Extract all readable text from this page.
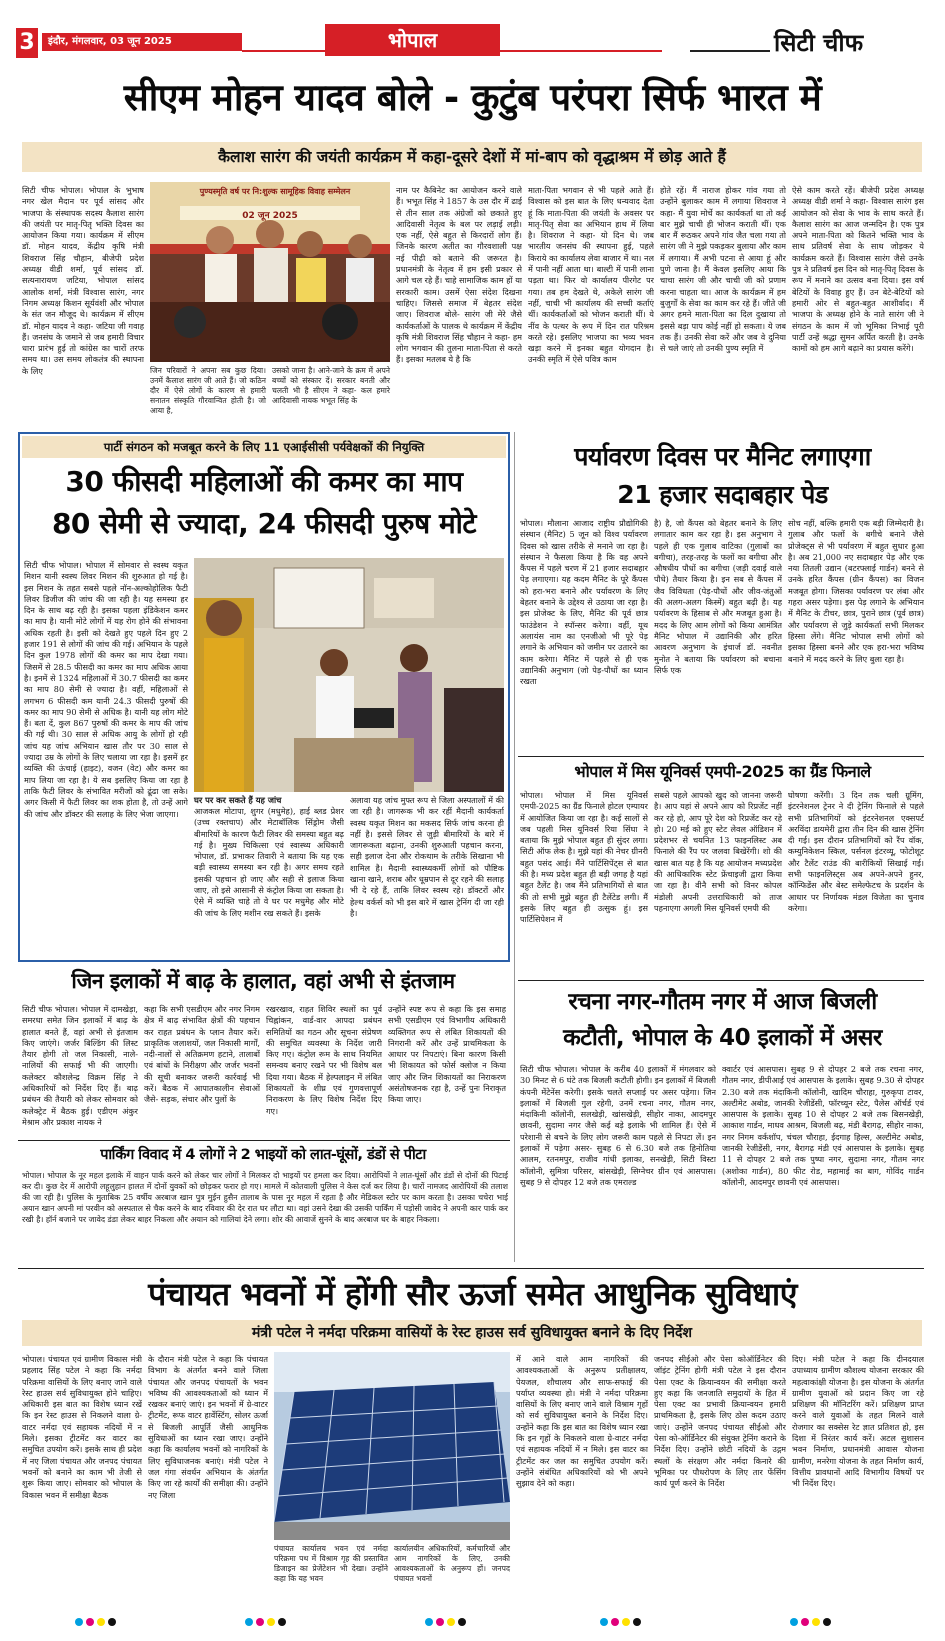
3	इंदौर, मंगलवार, 03 जून 2025	भोपाल	सिटी चीफ
सीएम मोहन यादव बोले - कुटुंब परंपरा सिर्फ भारत में
कैलाश सारंग की जयंती कार्यक्रम में कहा-दूसरे देशों में मां-बाप को वृद्धाश्रम में छोड़ आते हैं
सिटी चीफ भोपाल। भोपाल के भुभाष नगर खेल मैदान पर पूर्व सांसद और भाजपा के संस्थापक सदस्य कैलाश सारंग की जयंती पर मातृ-पितृ भक्ति दिवस का आयोजन किया गया। कार्यक्रम में सीएम डॉ. मोहन यादव, केंद्रीय कृषि मंत्री शिवराज सिंह चौहान, बीजेपी प्रदेश अध्यक्ष वीडी शर्मा, पूर्व सांसद डॉ. सत्यनारायण जटिया, भोपाल सांसद आलोक शर्मा, मंत्री विश्वास सारंग, नगर निगम अध्यक्ष किशन सूर्यवंशी और भोपाल के संत जन मौजूद थे। कार्यक्रम में सीएम डॉ. मोहन यादव ने कहा- जटिया जी गवाह हैं। जनसंघ के जमाने से जब हमारी विचार धारा प्रारंभ हुई तो कांग्रेस का चारों तरफ समय था। उस समय लोकतंत्र की स्थापना के लिए
पुण्यस्मृति वर्ष पर नि:शुल्क सामूहिक विवाह सम्मेलन
02 जून 2025
जिन परिवारों ने अपना सब कुछ दिया। उनमें कैलाश सारंग जी आते हैं। जो कठिन दौर में ऐसे लोगों के कारण से हमारी सनातन संस्कृति गौरवान्वित होती है। जो आया है,
उसको जाना है। आने-जाने के क्रम में अपने बच्चों को संस्कार दें। सरकार बनती और चलती भी है सीएम ने कहा- कल हमारे आदिवासी नायक भभूत सिंह के
नाम पर कैबिनेट का आयोजन करने वाले हैं। भभूत सिंह ने 1857 के उस दौर में ढाई से तीन साल तक अंग्रेजों को छकाते हुए आदिवासी नेतृत्व के बल पर लड़ाई लड़ी। एक नहीं, ऐसे बहुत से किरदारों लोग हैं। जिनके कारण अतीत का गौरवशाली पक्ष नई पीढ़ी को बताने की जरूरत है। प्रधानमंत्री के नेतृत्व में हम इसी प्रकार से आगे चल रहे हैं। चाहे सामाजिक काम हों या सरकारी काम। उसमें ऐसा संदेश दिखना चाहिए। जिससे समाज में बेहतर संदेश जाए। शिवराज बोले- सारंग जी मेरे जैसे कार्यकर्ताओं के पालक थे कार्यक्रम में केंद्रीय कृषि मंत्री शिवराज सिंह चौहान ने कहा- हम लोग भगवान की तुलना माता-पिता से करते हैं। इसका मतलब ये है कि
माता-पिता भगवान से भी पहले आते हैं। विश्वास को इस बात के लिए धन्यवाद देता हूं कि माता-पिता की जयंती के अवसर पर मातृ-पितृ सेवा का अभियान हाथ में लिया है। शिवराज ने कहा- यो दिन थे। जब भारतीय जनसंघ की स्थापना हुई, पहले किराये का कार्यालय लेवा बाजार में था। नल में पानी नहीं आता था। बाल्टी में पानी लाना पड़ता था। फिर वो कार्यालय पीरगेट पर गया। तब हम देखते थे, अकेले सारंग जी नहीं, चाची भी कार्यालय की सच्ची कर्ताएं थीं। कार्यकर्ताओं को भोजन कराती थीं। ये नींव के पत्थर के रूप में दिन रात परिश्रम करते रहे। इसलिए भाजपा का भव्य भवन खड़ा करने में इनका बहुत योगदान है। उनकी स्मृति में ऐसे पवित्र काम
होते रहें। मैं नाराज होकर गांव गया तो उन्होंने बुलाकर काम में लगाया शिवराज ने कहा- मैं युवा मोर्चे का कार्यकर्ता था तो कई बार मुझे चाची ही भोजन कराती थीं। एक बार मैं रूठकर अपने गांव जैत चला गया तो सारंग जी ने मुझे पकड़कर बुलाया और काम में लगाया। मैं अभी पटना से आया हूं और पुणे जाना है। मैं केवल इसलिए आया कि चाचा सारंग जी और चाची जी को प्रणाम करना चाहता था। आज के कार्यक्रम में हम बुजुर्गों के सेवा का काम कर रहे हैं। जीते जी अगर हमने माता-पिता का दिल दुखाया तो इससे बड़ा पाप कोई नहीं हो सकता। ये जब तक हैं। उनकी सेवा करें और जब वे दुनिया से चले जाएं तो उनकी पुण्य स्मृति में
ऐसे काम करते रहें। बीजेपी प्रदेश अध्यक्ष अध्यक्ष वीडी शर्मा ने कहा- विश्वास सारंग इस आयोजन को सेवा के भाव के साथ करते हैं। कैलाश सारंग का आज जन्मदिन है। एक पुत्र अपने माता-पिता को कितने भक्ति भाव के साथ प्रतिवर्ष सेवा के साथ जोड़कर ये कार्यक्रम करते हैं। विश्वास सारंग जैसे उनके पुत्र ने प्रतिवर्ष इस दिन को मातृ-पितृ दिवस के रूप में मनाने का उत्सव बना दिया। इस वर्ष बेटियों के विवाह हुए हैं। उन बेटे-बेटियों को हमारी ओर से बहुत-बहुत आशीर्वाद। मैं भाजपा के अध्यक्ष होने के नाते सारंग जी ने संगठन के काम में जो भूमिका निभाई पूरी पार्टी उन्हें श्रद्धा सुमन अर्पित करती है। उनके कामों को हम आगे बढ़ाने का प्रयास करेंगे।
पार्टी संगठन को मजबूत करने के लिए 11 एआईसीसी पर्यवेक्षकों की नियुक्ति
30 फीसदी महिलाओं की कमर का माप
80 सेमी से ज्यादा, 24 फीसदी पुरुष मोटे
सिटी चीफ भोपाल। भोपाल में सोमवार से स्वस्थ यकृत मिशन यानी स्वस्थ लिवर मिशन की शुरुआत हो गई है। इस मिशन के तहत सबसे पहले नॉन-अल्कोहोलिक फैटी लिवर डिजीज की जांच की जा रही है। यह समस्या हर दिन के साथ बढ़ रही है। इसका पहला इंडिकेशन कमर का माप है। यानी मोटे लोगों में यह रोग होने की संभावना अधिक रहती है। इसी को देखते हुए पहले दिन हुए 2 हजार 191 से लोगों की जांच की गई। अभियान के पहले दिन कुल 1978 लोगों की कमर का माप देखा गया। जिसमें से 28.5 फीसदी का कमर का माप अधिक आया है। इनमें से 1324 महिलाओं में 30.7 फीसदी का कमर का माप 80 सेमी से ज्यादा है। वहीं, महिलाओं से लगभग 6 फीसदी कम यानी 24.3 फीसदी पुरुषों की कमर का माप 90 सेमी से अधिक है। यानी यह लोग मोटे हैं। बता दें, कुल 867 पुरुषों की कमर के माप की जांच की गई थी। 30 साल से अधिक आयु के लोगों हो रही जांच यह जांच अभियान खास तौर पर 30 साल से ज्यादा उम्र के लोगों के लिए चलाया जा रहा है। इसमें हर व्यक्ति की ऊंचाई (हाइट), वजन (वेट) और कमर का माप लिया जा रहा है। ये सब इसलिए किया जा रहा है ताकि फैटी लिवर के संभावित मरीजों को ढूंढा जा सके। अगर किसी में फैटी लिवर का शक होता है, तो उन्हें आगे की जांच और डॉक्टर की सलाह के लिए भेजा जाएगा।
घर पर कर सकते हैं यह जांच
आजकल मोटापा, शुगर (मधुमेह), हाई ब्लड प्रेशर (उच्च रक्तचाप) और मेटाबॉलिक सिंड्रोम जैसी बीमारियों के कारण फैटी लिवर की समस्या बहुत बढ़ गई है। मुख्य चिकित्सा एवं स्वास्थ्य अधिकारी भोपाल, डॉ. प्रभाकर तिवारी ने बताया कि यह एक बड़ी स्वास्थ्य समस्या बन रही है। अगर समय रहते इसकी पहचान हो जाए और सही से इलाज किया जाए, तो इसे आसानी से कंट्रोल किया जा सकता है। ऐसे में व्यक्ति चाहे तो वे घर पर मधुमेह और मोटे की जांच के लिए मशीन रख सकते हैं। इसके
अलावा यह जांच मुफ्त रूप से जिला अस्पतालों में की जा रही है। जागरूक भी कर रहीं मैदानी कार्यकर्ता स्वस्थ यकृत मिशन का मकसद सिर्फ जांच करना ही नहीं है। इससे लिवर से जुड़ी बीमारियों के बारे में जागरूकता बढ़ाना, उनकी शुरुआती पहचान करना, सही इलाज देना और रोकथाम के तरीके सिखाना भी शामिल है। मैदानी स्वास्थ्यकर्मी लोगों को पौष्टिक खाना खाने, शराब और धूम्रपान से दूर रहने की सलाह भी दे रहे हैं, ताकि लिवर स्वस्थ रहे। डॉक्टरों और हेल्थ वर्कर्स को भी इस बारे में खास ट्रेनिंग दी जा रही है।
पर्यावरण दिवस पर मैनिट लगाएगा
21 हजार सदाबहार पेड
भोपाल। मौलाना आजाद राष्ट्रीय प्रौद्योगिकी संस्थान (मैनिट) 5 जून को विश्व पर्यावरण दिवस को खास तरीके से मनाने जा रहा है। संस्थान ने फैसला किया है कि वह अपने कैंपस में पहले चरण में 21 हजार सदाबहार पेड़ लगाएगा। यह कदम मैनिट के पूरे कैंपस को हरा-भरा बनाने और पर्यावरण के लिए बेहतर बनाने के उद्देश्य से उठाया जा रहा है। इस प्रोजेक्ट के लिए, मैनिट की पूर्व छात्र फाउंडेशन ने स्पॉन्सर करेगा। वहीं, यूथ अलायंस नाम का एनजीओ भी पूरे पेड़ लगाने के अभियान को जमीन पर उतारने का काम करेगा। मैनिट में पहले से ही एक उद्यानिकी अनुभाग (जो पेड़-पौधों का ध्यान रखता
है) है, जो कैंपस को बेहतर बनाने के लिए लगातार काम कर रहा है। इस अनुभाग ने पहले ही एक गुलाब वाटिका (गुलाबों का बगीचा), तरह-तरह के फलों का बगीचा और औषधीय पौधों का बगीचा (जड़ी दवाई वाले पौधे) तैयार किया है। इन सब से कैंपस में जैव विविधता (पेड़-पौधों और जीव-जंतुओं की अलग-अलग किस्में) बहुत बढ़ी है। यह पर्यावरण के हिसाब से और मजबूत हुआ है। मदद के लिए आम लोगों को किया आमंत्रित मैनिट भोपाल में उद्यानिकी और हरित आवरण अनुभाग के इंचार्ज डॉ. नवनीत मुनोत ने बताया कि पर्यावरण को बचाना सिर्फ एक
सोच नहीं, बल्कि हमारी एक बड़ी जिम्मेदारी है। गुलाब और फलों के बगीचे बनाने जैसे प्रोजेक्ट्स से भी पर्यावरण में बहुत सुधार हुआ है। अब 21,000 नए सदाबहार पेड़ और एक नया तितली उद्यान (बटरफ्लाई गार्डन) बनने से उनके हरित कैंपस (ग्रीन कैंपस) का विजन मजबूत होगा। जिसका पर्यावरण पर लंबा और गहरा असर पड़ेगा। इस पेड़ लगाने के अभियान में मैनिट के टीचर, छात्र, पुराने छात्र (पूर्व छात्र) और पर्यावरण से जुड़े कार्यकर्ता सभी मिलकर हिस्सा लेंगे। मैनिट भोपाल सभी लोगों को इसका हिस्सा बनने और एक हरा-भरा भविष्य बनाने में मदद करने के लिए बुला रहा है।
भोपाल में मिस यूनिवर्स एमपी-2025 का ग्रैंड फिनाले
भोपाल। भोपाल में मिस यूनिवर्स एमपी-2025 का ग्रैंड फिनाले होटल एम्पायर में आयोजित किया जा रहा है। कई सालों से जब पहली मिस यूनिवर्स रिया सिंघा ने बताया कि मुझे भोपाल बहुत ही सुंदर लगा। सिटी ऑफ लेक है। मुझे यहां की नेचर ग्रीनरी बहुत पसंद आई। मैंने पार्टिसिपेंट्स से बात की है। मध्य प्रदेश बहुत ही बड़ी जगह है यहां बहुत टैलेंट है। जब मैंने प्रतिभागियों से बात की तो सभी मुझे बहुत ही टैलेंटेड लगी। मैं इसके लिए बहुत ही उत्सुक हूं। इस पार्टिसिपेशन में
सबसे पहले आपको खुद को जानना जरूरी है। आप यहां से अपने आप को रिप्रजेंट नहीं कर रहे हो, आप पूरे देश को रिप्रजेंट कर रहे हो। 20 मई को हुए स्टेट लेवल ऑडिशन में प्रदेशभर से चयनित 13 फाइनलिस्ट अब फिनाले की रैंप पर जलवा बिखेरेंगी। शो की खास बात यह है कि यह आयोजन मध्यप्रदेश की आधिकारिक स्टेट फ्रेंचाइजी द्वारा किया जा रहा है। वीनै सभी को विनर कोपल मंडोली अपनी उत्तराधिकारी को ताज पहनाएगा अगली मिस यूनिवर्स एमपी की
घोषणा करेंगी। 3 दिन तक चली ग्रूमिंग, इंटरनेशनल ट्रेनर ने दी ट्रेनिंग फिनाले से पहले सभी प्रतिभागियों को इंटरनेशनल एक्सपर्ट अरविंदा डायमेरी द्वारा तीन दिन की खास ट्रेनिंग दी गई। इस दौरान प्रतिभागियों को रैंप वॉक, कम्युनिकेशन स्किल, पर्सनल इंटरव्यू, फोटोशूट और टैलेंट राउंड की बारीकियों सिखाई गई। सभी फाइनलिस्ट्स अब अपने-अपने हुनर, कॉन्फिडेंस और बेस्ट समेल्फेटच के प्रदर्शन के आधार पर निर्णायक मंडल विजेता का चुनाव करेगा।
जिन इलाकों में बाढ़ के हालात, वहां अभी से इंतजाम
सिटी चीफ भोपाल। भोपाल में दामखेड़ा, समरधा समेत जिन इलाकों में बाढ़ के हालात बनते हैं, वहां अभी से इंतजाम किए जाएंगे। जर्जर बिल्डिंग की लिस्ट तैयार होगी तो जल निकासी, नाले-नालियों की सफाई भी की जाएगी। कलेक्टर कौशलेन्द्र विक्रम सिंह ने अधिकारियों को निर्देश दिए हैं। बाढ़ प्रबंधन की तैयारी को लेकर सोमवार को कलेक्ट्रेट में बैठक हुई। एडीएम अंकुर मेश्राम और प्रकाश नायक ने
कहा कि सभी एसडीएम और नगर निगम क्षेत्र में बाढ़ संभावित क्षेत्रों की पहचान कर राहत प्रबंधन के प्लान तैयार करें। प्राकृतिक जलाशयों, जल निकासी मार्गों, नदी-नालों से अतिक्रमण हटाने, तालाबों एवं बांधों के निरीक्षण और जर्जर भवनों की सूची बनाकर जरूरी कार्रवाई भी करें। बैठक में आपातकालीन सेवाओं जैसे- सड़क, संचार और पुलों के
रखरखाव, राहत शिविर स्थलों का पूर्व चिह्नांकन, वार्ड-वार आपदा प्रबंधन समितियों का गठन और सूचना संप्रेषण की समुचित व्यवस्था के निर्देश जारी किए गए। कंट्रोल रूम के साथ नियमित समन्वय बनाए रखने पर भी विशेष बल दिया गया। बैठक में हेल्पलाइन में लंबित शिकायतों के शीघ्र एवं गुणवत्तापूर्ण निराकरण के लिए विशेष निर्देश दिए गए।
उन्होंने स्पष्ट रूप से कहा कि इस समाह सभी एसडीएम एवं विभागीय अधिकारी व्यक्तिगत रूप से लंबित शिकायतों की निगरानी करें और उन्हें प्राथमिकता के आधार पर निपटाएं। बिना कारण किसी भी शिकायत को फोर्स क्लोज न किया जाए और जिन शिकायतों का निराकरण असंतोषजनक रहा है, उन्हें पुनः निराकृत किया जाए।
रचना नगर-गौतम नगर में आज बिजली
कटौती, भोपाल के 40 इलाकों में असर
सिटी चीफ भोपाल। भोपाल के करीब 40 इलाकों में मंगलवार को 30 मिनट से 6 घंटे तक बिजली कटौती होगी। इन इलाकों में बिजली कंपनी मेंटेनेंस करेगी। इसके चलते सप्लाई पर असर पड़ेगा। जिन इलाकों में बिजली गुल रहेगी, उनमें रचना नगर, गौतम नगर, मंदाकिनी कॉलोनी, सलखेड़ी, खांसखेड़ी, सीहोर नाका, आदमपुर छावनी, सुदामा नगर जैसे कई बड़े इलाके भी शामिल हैं। ऐसे में परेशानी से बचने के लिए लोग जरूरी काम पहले से निपटा लें। इन इलाकों में पड़ेगा असर- सुबह 6 से 6.30 बजे तक हिनोतिया आलम, रतनमपुर, राजीव गांधी इलाका, सनखेड़ी, सिटी विस्टा कॉलोनी, सुमित्रा परिसर, बांसखेड़ी, सिग्नेचर ग्रीन एवं आसपास। सुबह 9 से दोपहर 12 बजे तक एमराल्ड
क्वार्टर एवं आसपास। सुबह 9 से दोपहर 2 बजे तक रचना नगर, गौतम नगर, डीपीआई एवं आसपास के इलाके। सुबह 9.30 से दोपहर 2.30 बजे तक मंदाकिनी कॉलोनी, खादिम चौराहा, गुरुकृपा टावर, अल्टीमेट अबोड, जानकी रेजीडेंसी, फॉरच्यून स्टेट, पैलेस ऑर्चर्ड एवं आसपास के इलाके। सुबह 10 से दोपहर 2 बजे तक बिसनखेड़ी, आकाश गार्डन, माधव आश्रम, बिजली बढ़, मंडी बैरागढ़, सीहोर नाका, नगर निगम वर्कशॉप, चंचल चौराहा, ईदगाह हिल्स, अल्टीमेट अबोड, जानकी रेजीडेंसी, नगर, बैरागढ़ मंडी एवं आसपास के इलाके। सुबह 11 से दोपहर 2 बजे तक पुष्पा नगर, सुदामा नगर, गौतम नगर (अशोका गार्डन), 80 फीट रोड, महामाई का बाग, गोविंद गार्डन कॉलोनी, आदमपुर छावनी एवं आसपास।
पार्किंग विवाद में 4 लोगों ने 2 भाइयों को लात-घूंसों, डंडों से पीटा
भोपाल। भोपाल के नूर महल इलाके में वाहन पार्क करने को लेकर चार लोगों ने मिलकर दो भाइयों पर हमला कर दिया। आरोपियों ने लात-घूंसों और डंडों से दोनों की पिटाई कर दी। कुछ देर में आरोपी लहूलुहान हालत में दोनों युवकों को छोड़कर फरार हो गए। मामले में कोतवाली पुलिस ने केस दर्ज कर लिया है। चारों नामजद आरोपियों की तलाश की जा रही है। पुलिस के मुताबिक 25 वर्षीय अरबाज खान पुत्र मुईन हुसैन तालाब के पास नूर महल में रहता है और मेडिकल स्टोर पर काम करता है। उसका चचेरा भाई अयान खान अपनी मां परवीन को अस्पताल से चैक करने के बाद रविवार की देर रात घर लौटा था। वहां उसने देखा की उसकी पार्किंग में पड़ोसी जावेद ने अपनी कार पार्क कर रखी है। हॉर्न बजाने पर जावेद डंडा लेकर बाहर निकला और अयान को गालियां देने लगा। शोर की आवाजें सुनने के बाद अरबाज घर के बाहर निकला।
पंचायत भवनों में होंगी सौर ऊर्जा समेत आधुनिक सुविधाएं
मंत्री पटेल ने नर्मदा परिक्रमा वासियों के रेस्ट हाउस सर्व सुविधायुक्त बनाने के दिए निर्देश
भोपाल। पंचायत एवं ग्रामीण विकास मंत्री प्रहलाद सिंह पटेल ने कहा कि नर्मदा परिक्रमा वासियों के लिए बनाए जाने वाले रेस्ट हाउस सर्व सुविधायुक्त होने चाहिए। अधिकारी इस बात का विशेष ध्यान रखें कि इन रेस्ट हाउस से निकलने वाला ग्रे-वाटर नर्मदा एवं सहायक नदियों में न मिले। इसका ट्रीटमेंट कर वाटर का समुचित उपयोग करें। इसके साथ ही प्रदेश में नए जिला पंचायत और जनपद पंचायत भवनों को बनाने का काम भी तेजी से शुरू किया जाए। सोमवार को भोपाल के विकास भवन में समीक्षा बैठक
के दौरान मंत्री पटेल ने कहा कि पंचायत विभाग के अंतर्गत बनने वाले जिला पंचायत और जनपद पंचायतों के भवन भविष्य की आवश्यकताओं को ध्यान में रखकर बनाएं जाएं। इन भवनों में ग्रे-वाटर ट्रीटमेंट, रूफ वाटर हार्वेस्टिंग, सोलर ऊर्जा से बिजली आपूर्ति जैसी आधुनिक सुविधाओं का ध्यान रखा जाए। उन्होंने कहा कि कार्यालय भवनों को नागरिकों के लिए सुविधाजनक बनाएं। मंत्री पटेल ने जल गंगा संवर्धन अभियान के अंतर्गत किए जा रहे कार्यों की समीक्षा की। उन्होंने नए जिला
पंचायत कार्यालय भवन एवं नर्मदा परिक्रमा पथ में विश्राम गृह की प्रस्तावित डिजाइन का प्रेजेंटेशन भी देखा। उन्होंने कहा कि यह भवन
कार्यालयीन अधिकारियों, कर्मचारियों और आम नागरिकों के लिए, उनकी आवश्यकताओं के अनुरूप हों। जनपद पंचायत भवनों
में आने वाले आम नागरिकों की आवश्यकताओं के अनुरूप प्रतीक्षालय, पेयजल, शौचालय और साफ-सफाई की पर्याप्त व्यवस्था हो। मंत्री ने नर्मदा परिक्रमा वासियों के लिए बनाए जाने वाले विश्राम गृहों को सर्व सुविधायुक्त बनाने के निर्देश दिए। उन्होंने कहा कि इस बात का विशेष ध्यान रखा कि इन गृहों के निकलने वाला ग्रे-वाटर नर्मदा एवं सहायक नदियों में न मिले। इस वाटर का ट्रीटमेंट कर जल का समुचित उपयोग करें। उन्होंने संबंधित अधिकारियों को भी अपने सुझाव देने को कहा।
जनपद सीईओ और पेसा कोऑर्डिनेटर की जॉइंट ट्रेनिंग होगी मंत्री पटेल ने इस दौरान पेसा एक्ट के क्रियान्वयन की समीक्षा करते हुए कहा कि जनजाति समुदायों के हित में पेसा एक्ट का प्रभावी क्रियान्वयन हमारी प्राथमिकता है, इसके लिए ठोस कदम उठाए जाएं। उन्होंने जनपद पंचायत सीईओ और पेसा को-ऑर्डिनेटर की संयुक्त ट्रेनिंग कराने के निर्देश दिए। उन्होंने छोटी नदियों के उद्गम स्थलों के संरक्षण और नर्मदा किनारे की भूमिका पर पौधरोपण के लिए तार फेंसिंग कार्य पूर्ण करने के निर्देश
दिए। मंत्री पटेल ने कहा कि दीनदयाल उपाध्याय ग्रामीण कौशल्य योजना सरकार की महत्वाकांक्षी योजना है। इस योजना के अंतर्गत ग्रामीण युवाओं को प्रदान किए जा रहे प्रशिक्षण की मॉनिटरिंग करें। प्रशिक्षण प्राप्त करने वाले युवाओं के तहत मिलने वाले रोजगार का सक्सेस रेट ज्ञात प्रतिशत हो, इस दिशा में निरंतर कार्य करें। अटल सुशासन भवन निर्माण, प्रधानमंत्री आवास योजना ग्रामीण, मनरेगा योजना के तहत निर्माण कार्य, वित्तीय प्रावधानों आदि विभागीय विषयों पर भी निर्देश दिए।
